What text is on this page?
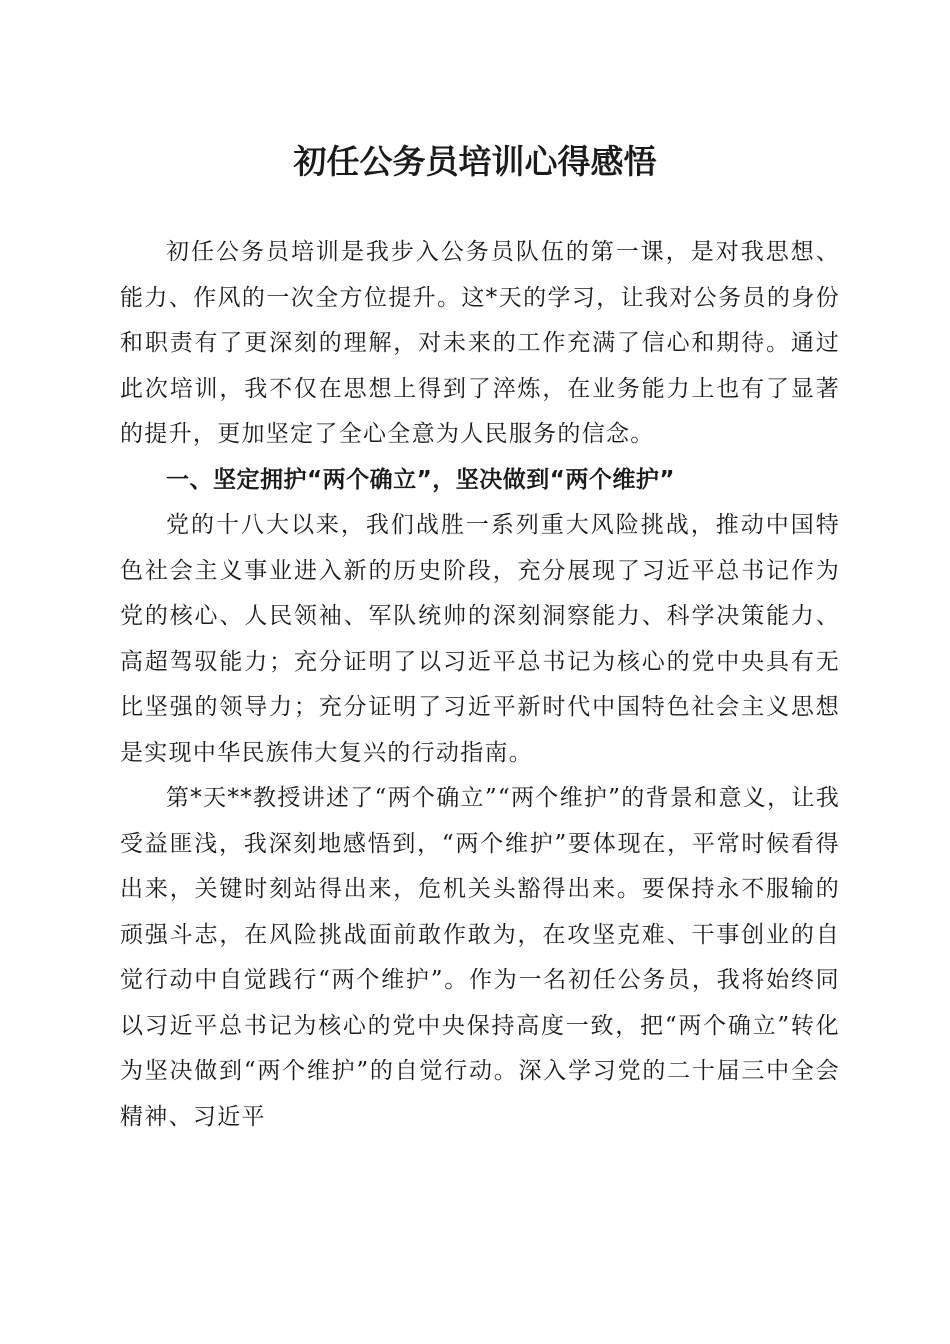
初任公务员培训心得感悟

初任公务员培训是我步入公务员队伍的第一课，是对我思想、能力、作风的一次全方位提升。这*天的学习，让我对公务员的身份和职责有了更深刻的理解，对未来的工作充满了信心和期待。通过此次培训，我不仅在思想上得到了淬炼，在业务能力上也有了显著的提升，更加坚定了全心全意为人民服务的信念。

一、坚定拥护“两个确立”，坚决做到“两个维护”

党的十八大以来，我们战胜一系列重大风险挑战，推动中国特色社会主义事业进入新的历史阶段，充分展现了习近平总书记作为党的核心、人民领袖、军队统帅的深刻洞察能力、科学决策能力、高超驾驭能力；充分证明了以习近平总书记为核心的党中央具有无比坚强的领导力；充分证明了习近平新时代中国特色社会主义思想是实现中华民族伟大复兴的行动指南。

第*天**教授讲述了“两个确立”“两个维护”的背景和意义，让我受益匪浅，我深刻地感悟到，“两个维护”要体现在，平常时候看得出来，关键时刻站得出来，危机关头豁得出来。要保持永不服输的顽强斗志，在风险挑战面前敢作敢为，在攻坚克难、干事创业的自觉行动中自觉践行“两个维护”。作为一名初任公务员，我将始终同以习近平总书记为核心的党中央保持高度一致，把“两个确立”转化为坚决做到“两个维护”的自觉行动。深入学习党的二十届三中全会精神、习近平
